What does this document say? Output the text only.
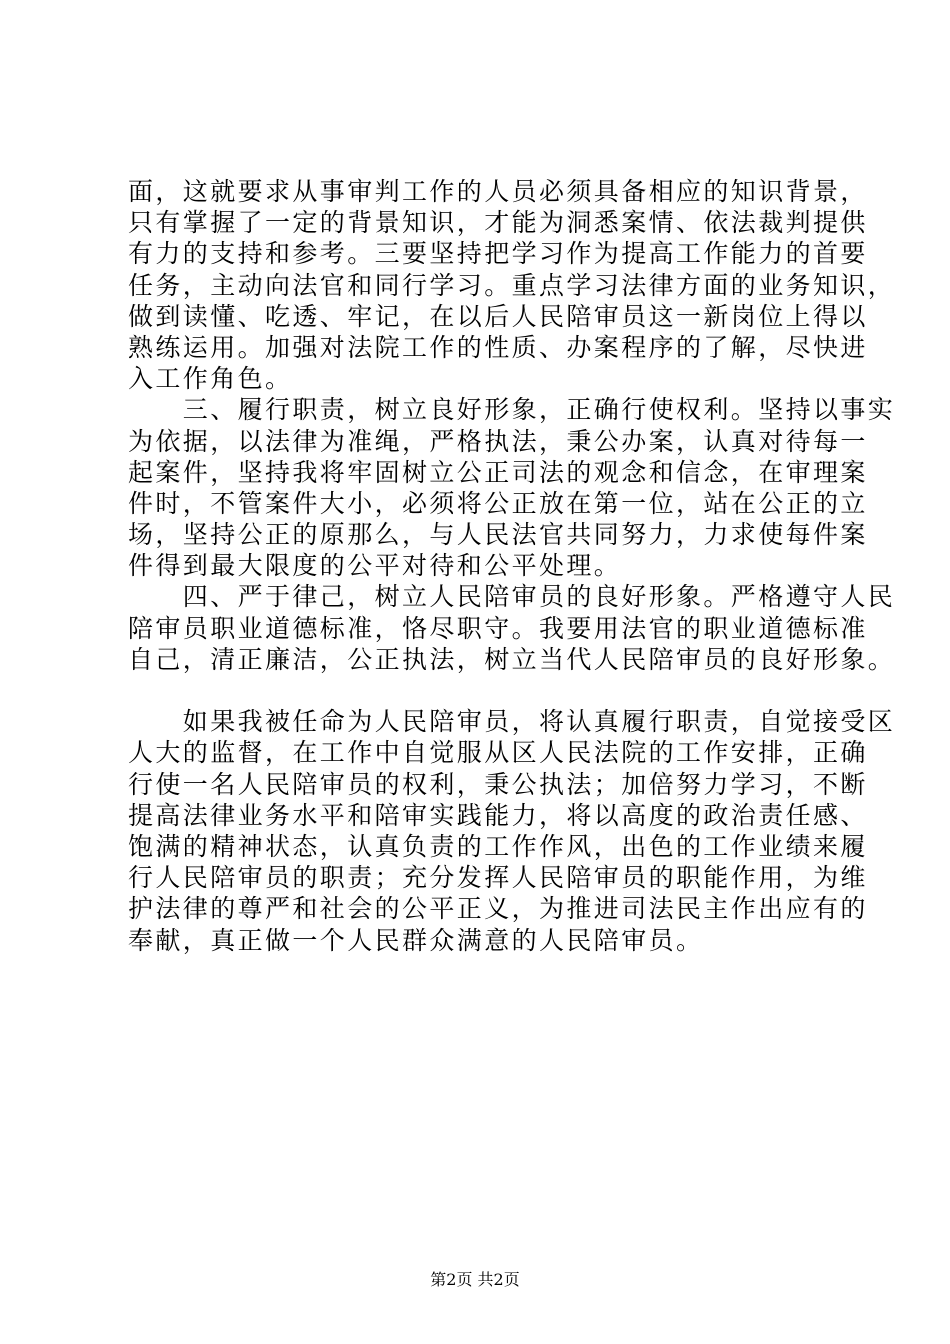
面，这就要求从事审判工作的人员必须具备相应的知识背景，
只有掌握了一定的背景知识，才能为洞悉案情、依法裁判提供
有力的支持和参考。三要坚持把学习作为提高工作能力的首要
任务，主动向法官和同行学习。重点学习法律方面的业务知识，
做到读懂、吃透、牢记，在以后人民陪审员这一新岗位上得以
熟练运用。加强对法院工作的性质、办案程序的了解，尽快进
入工作角色。
　　三、履行职责，树立良好形象，正确行使权利。坚持以事实
为依据，以法律为准绳，严格执法，秉公办案，认真对待每一
起案件，坚持我将牢固树立公正司法的观念和信念，在审理案
件时，不管案件大小，必须将公正放在第一位，站在公正的立
场，坚持公正的原那么，与人民法官共同努力，力求使每件案
件得到最大限度的公平对待和公平处理。
　　四、严于律己，树立人民陪审员的良好形象。严格遵守人民
陪审员职业道德标准，恪尽职守。我要用法官的职业道德标准
自己，清正廉洁，公正执法，树立当代人民陪审员的良好形象。
　　如果我被任命为人民陪审员，将认真履行职责，自觉接受区
人大的监督，在工作中自觉服从区人民法院的工作安排，正确
行使一名人民陪审员的权利，秉公执法；加倍努力学习，不断
提高法律业务水平和陪审实践能力，将以高度的政治责任感、
饱满的精神状态，认真负责的工作作风，出色的工作业绩来履
行人民陪审员的职责；充分发挥人民陪审员的职能作用，为维
护法律的尊严和社会的公平正义，为推进司法民主作出应有的
奉献，真正做一个人民群众满意的人民陪审员。
第2页 共2页
